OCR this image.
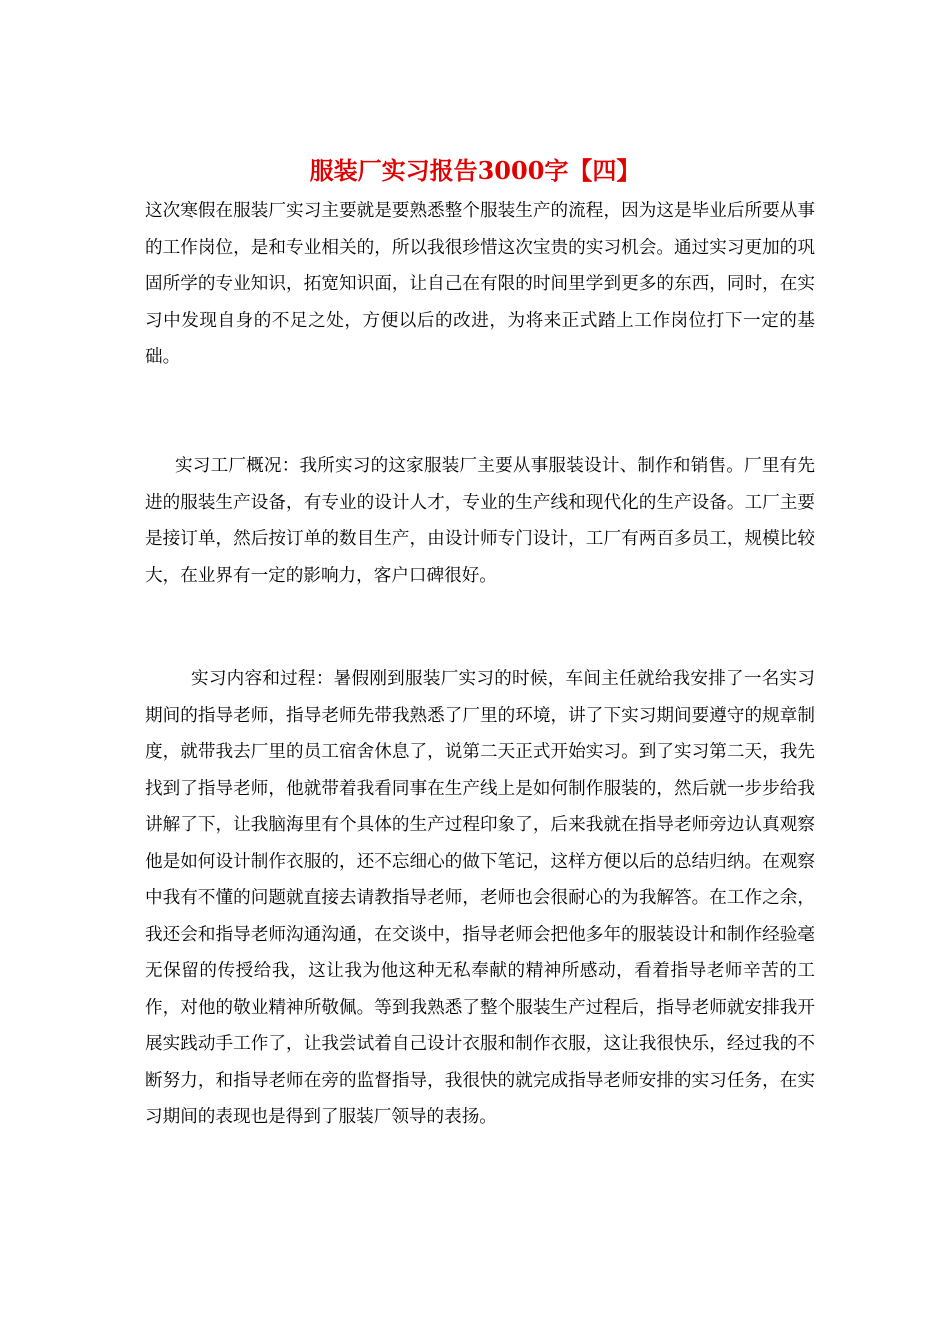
服装厂实习报告3000字【四】

这次寒假在服装厂实习主要就是要熟悉整个服装生产的流程，因为这是毕业后所要从事的工作岗位，是和专业相关的，所以我很珍惜这次宝贵的实习机会。通过实习更加的巩固所学的专业知识，拓宽知识面，让自己在有限的时间里学到更多的东西，同时，在实习中发现自身的不足之处，方便以后的改进，为将来正式踏上工作岗位打下一定的基础。

实习工厂概况：我所实习的这家服装厂主要从事服装设计、制作和销售。厂里有先进的服装生产设备，有专业的设计人才，专业的生产线和现代化的生产设备。工厂主要是接订单，然后按订单的数目生产，由设计师专门设计，工厂有两百多员工，规模比较大，在业界有一定的影响力，客户口碑很好。

实习内容和过程：暑假刚到服装厂实习的时候，车间主任就给我安排了一名实习期间的指导老师，指导老师先带我熟悉了厂里的环境，讲了下实习期间要遵守的规章制度，就带我去厂里的员工宿舍休息了，说第二天正式开始实习。到了实习第二天，我先找到了指导老师，他就带着我看同事在生产线上是如何制作服装的，然后就一步步给我讲解了下，让我脑海里有个具体的生产过程印象了，后来我就在指导老师旁边认真观察他是如何设计制作衣服的，还不忘细心的做下笔记，这样方便以后的总结归纳。在观察中我有不懂的问题就直接去请教指导老师，老师也会很耐心的为我解答。在工作之余，我还会和指导老师沟通沟通，在交谈中，指导老师会把他多年的服装设计和制作经验毫无保留的传授给我，这让我为他这种无私奉献的精神所感动，看着指导老师辛苦的工作，对他的敬业精神所敬佩。等到我熟悉了整个服装生产过程后，指导老师就安排我开展实践动手工作了，让我尝试着自己设计衣服和制作衣服，这让我很快乐，经过我的不断努力，和指导老师在旁的监督指导，我很快的就完成指导老师安排的实习任务，在实习期间的表现也是得到了服装厂领导的表扬。
